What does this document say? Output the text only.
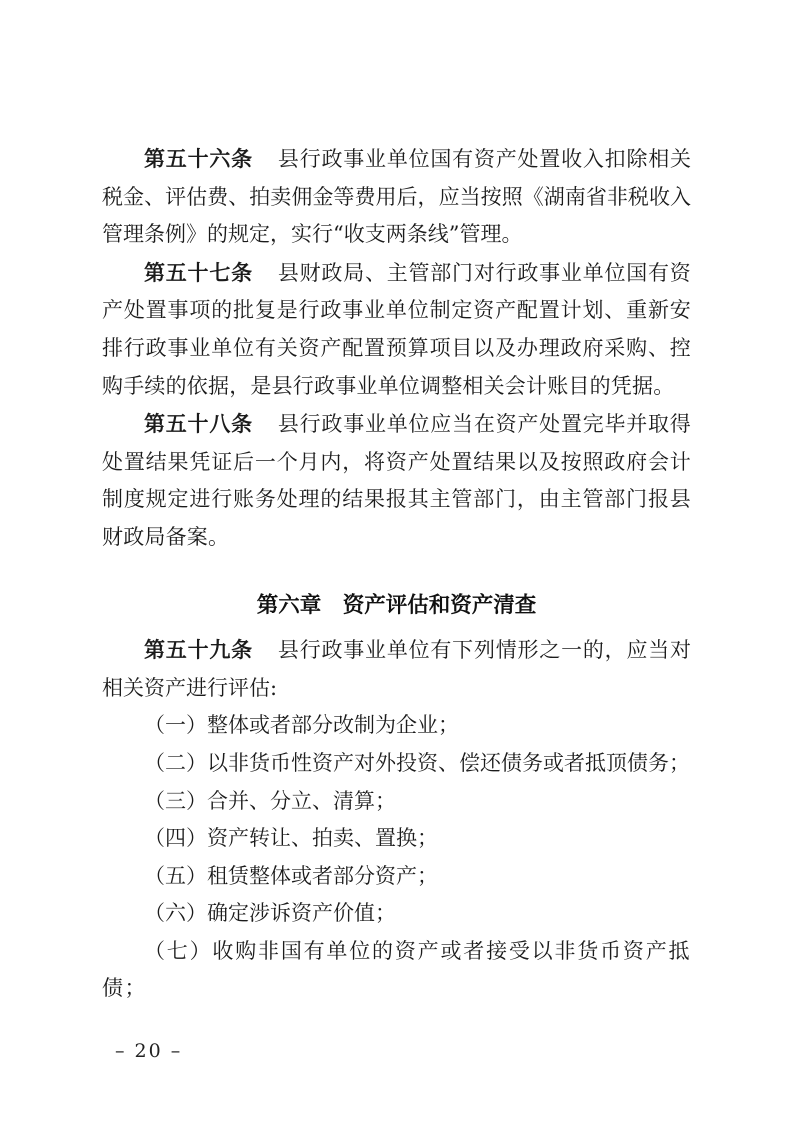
第五十六条 县行政事业单位国有资产处置收入扣除相关税金、评估费、拍卖佣金等费用后，应当按照《湖南省非税收入管理条例》的规定，实行“收支两条线”管理。

第五十七条 县财政局、主管部门对行政事业单位国有资产处置事项的批复是行政事业单位制定资产配置计划、重新安排行政事业单位有关资产配置预算项目以及办理政府采购、控购手续的依据，是县行政事业单位调整相关会计账目的凭据。

第五十八条 县行政事业单位应当在资产处置完毕并取得处置结果凭证后一个月内，将资产处置结果以及按照政府会计制度规定进行账务处理的结果报其主管部门，由主管部门报县财政局备案。

第六章　资产评估和资产清查

第五十九条 县行政事业单位有下列情形之一的，应当对相关资产进行评估:

（一）整体或者部分改制为企业；

（二）以非货币性资产对外投资、偿还债务或者抵顶债务；

（三）合并、分立、清算；

（四）资产转让、拍卖、置换；

（五）租赁整体或者部分资产；

（六）确定涉诉资产价值；

（七）收购非国有单位的资产或者接受以非货币资产抵债；

– 20 –
